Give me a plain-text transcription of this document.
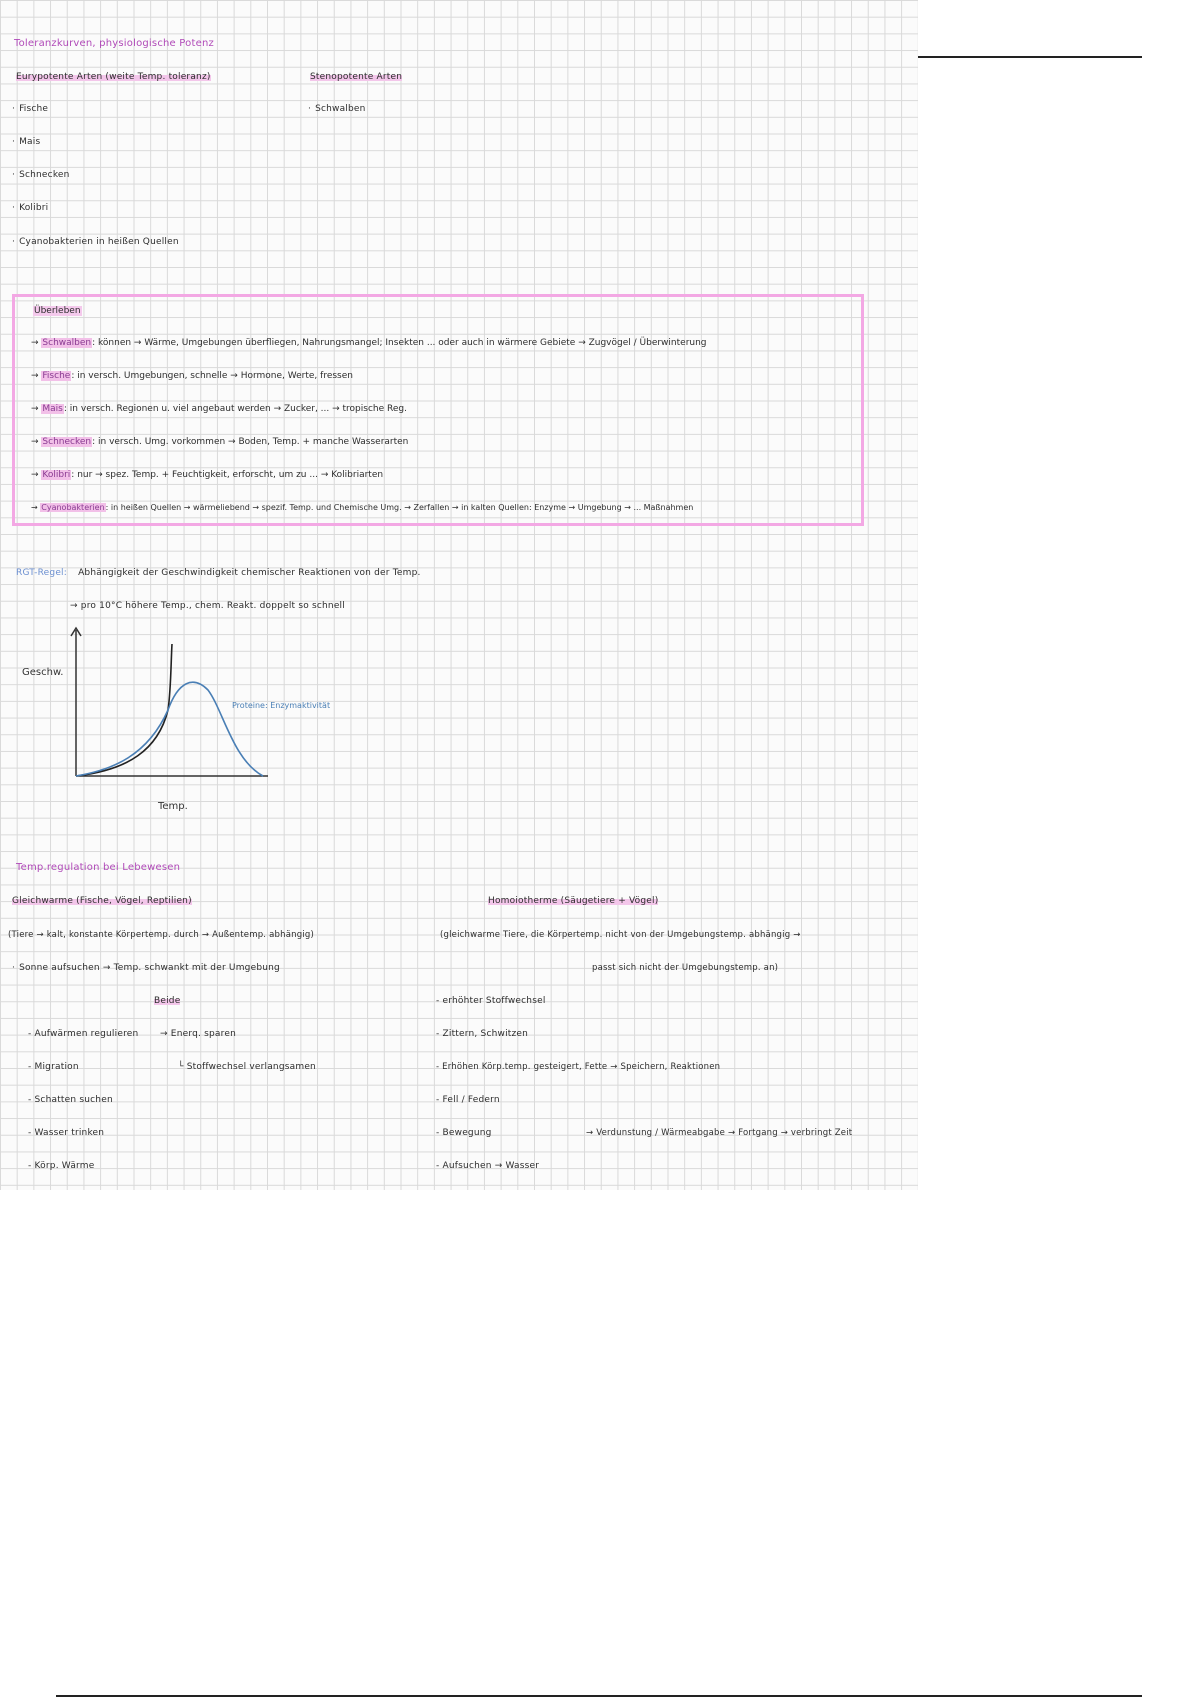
Toleranzkurven, physiologische Potenz
Eurypotente Arten (weite Temp. toleranz)
· Fische
· Mais
· Schnecken
· Kolibri
· Cyanobakterien in heißen Quellen
Stenopotente Arten
· Schwalben
Überleben
→ Schwalben: können → Wärme, Umgebungen überfliegen, Nahrungsmangel; Insekten ... oder auch in wärmere Gebiete → Zugvögel / Überwinterung
→ Fische: in versch. Umgebungen, schnelle → Hormone, Werte, fressen
→ Mais: in versch. Regionen u. viel angebaut werden → Zucker, ... → tropische Reg.
→ Schnecken: in versch. Umg. vorkommen → Boden, Temp. + manche Wasserarten
→ Kolibri: nur → spez. Temp. + Feuchtigkeit, erforscht, um zu ... → Kolibriarten
→ Cyanobakterien: in heißen Quellen → wärmeliebend → spezif. Temp. und Chemische Umg. → Zerfallen → in kalten Quellen: Enzyme → Umgebung → ... Maßnahmen
RGT-Regel: Abhängigkeit der Geschwindigkeit chemischer Reaktionen von der Temp.
→ pro 10°C höhere Temp., chem. Reakt. doppelt so schnell
Geschw.
Temp.
Proteine: Enzymaktivität
Temp.regulation bei Lebewesen
Gleichwarme (Fische, Vögel, Reptilien)
(Tiere → kalt, konstante Körpertemp. durch → Außentemp. abhängig)
· Sonne aufsuchen → Temp. schwankt mit der Umgebung
Beide
- Aufwärmen regulieren → Enerq. sparen
└ Stoffwechsel verlangsamen
- Migration
- Schatten suchen
- Wasser trinken
- Körp. Wärme
Homoiotherme (Säugetiere + Vögel)
(gleichwarme Tiere, die Körpertemp. nicht von der Umgebungstemp. abhängig →
passt sich nicht der Umgebungstemp. an)
- erhöhter Stoffwechsel
- Zittern, Schwitzen
- Erhöhen Körp.temp. gesteigert, Fette → Speichern, Reaktionen
- Fell / Federn
- Bewegung	→ Verdunstung / Wärmeabgabe → Fortgang → verbringt Zeit
- Aufsuchen → Wasser
